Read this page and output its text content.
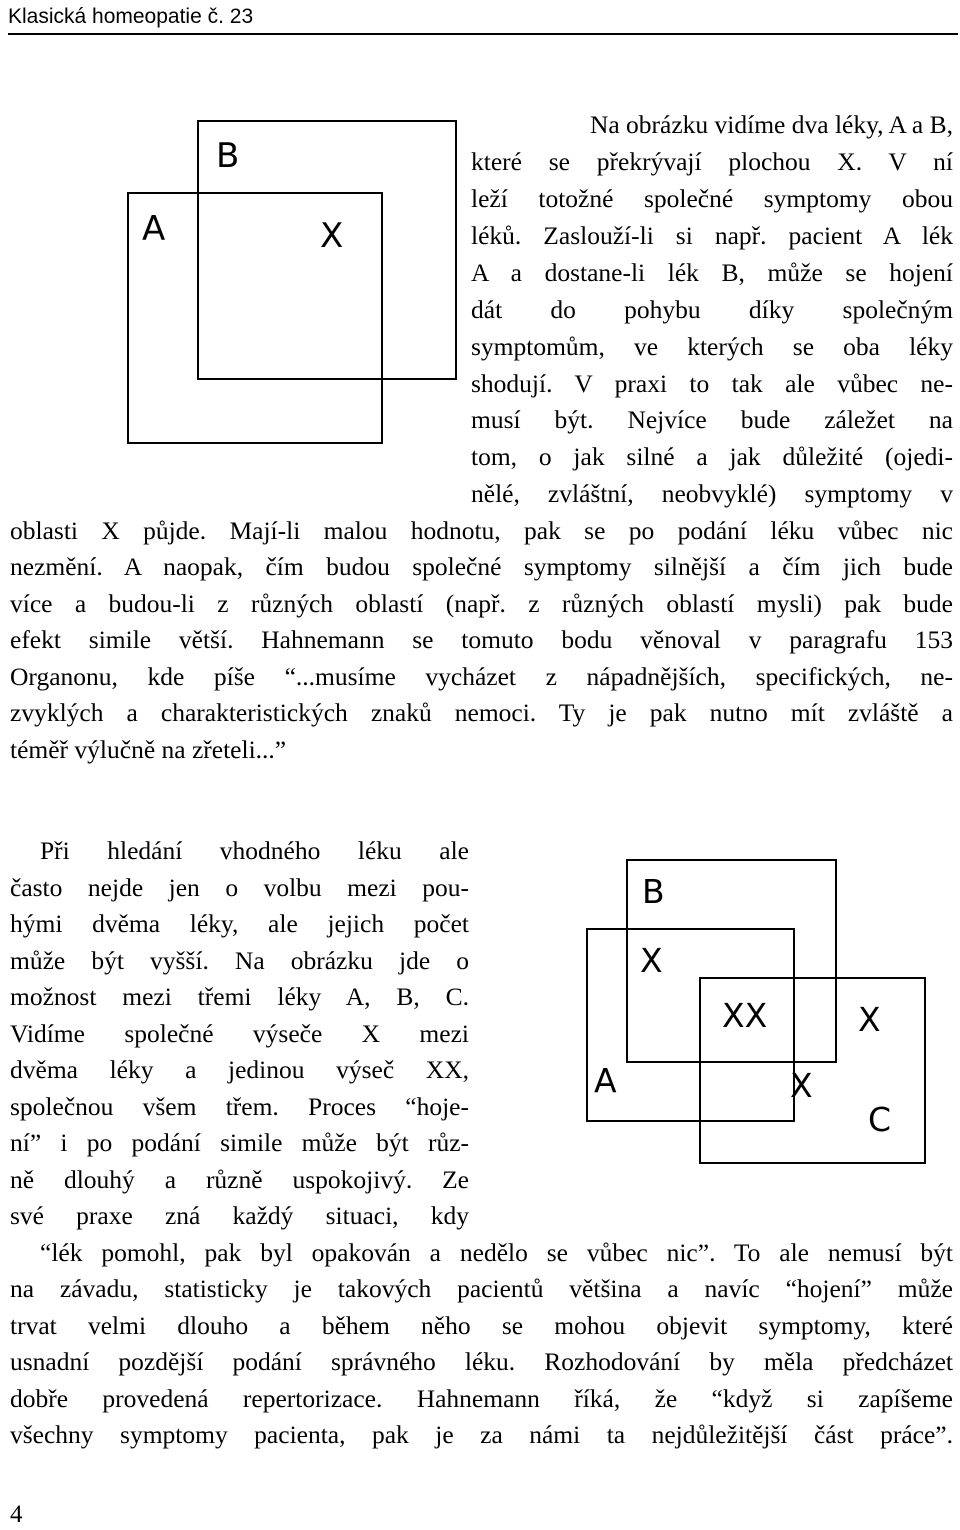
Klasická homeopatie č. 23
B
A	X
B
X
XX	X
A	X
C
Na obrázku vidíme dva léky, A a B,
které se překrývají plochou X. V ní
leží totožné společné symptomy obou
léků. Zaslouží-li si např. pacient A lék
A a dostane-li lék B, může se hojení
dát do pohybu díky společným
symptomům, ve kterých se oba léky
shodují. V praxi to tak ale vůbec ne-
musí být. Nejvíce bude záležet na
tom, o jak silné a jak důležité (ojedi-
nělé, zvláštní, neobvyklé) symptomy v
oblasti X půjde. Mají-li malou hodnotu, pak se po podání léku vůbec nic
nezmění. A naopak, čím budou společné symptomy silnější a čím jich bude
více a budou-li z různých oblastí (např. z různých oblastí mysli) pak bude
efekt simile větší. Hahnemann se tomuto bodu věnoval v paragrafu 153
Organonu, kde píše “...musíme vycházet z nápadnějších, specifických, ne-
zvyklých a charakteristických znaků nemoci. Ty je pak nutno mít zvláště a
téměř výlučně na zřeteli...”
Při hledání vhodného léku ale
často nejde jen o volbu mezi pou-
hými dvěma léky, ale jejich počet
může být vyšší. Na obrázku jde o
možnost mezi třemi léky A, B, C.
Vidíme společné výseče X mezi
dvěma léky a jedinou výseč XX,
společnou všem třem. Proces “hoje-
ní” i po podání simile může být růz-
ně dlouhý a různě uspokojivý. Ze
své praxe zná každý situaci, kdy
“lék pomohl, pak byl opakován a nedělo se vůbec nic”. To ale nemusí být
na závadu, statisticky je takových pacientů většina a navíc “hojení” může
trvat velmi dlouho a během něho se mohou objevit symptomy, které
usnadní pozdější podání správného léku. Rozhodování by měla předcházet
dobře provedená repertorizace. Hahnemann říká, že “když si zapíšeme
všechny symptomy pacienta, pak je za námi ta nejdůležitější část práce”.
4
